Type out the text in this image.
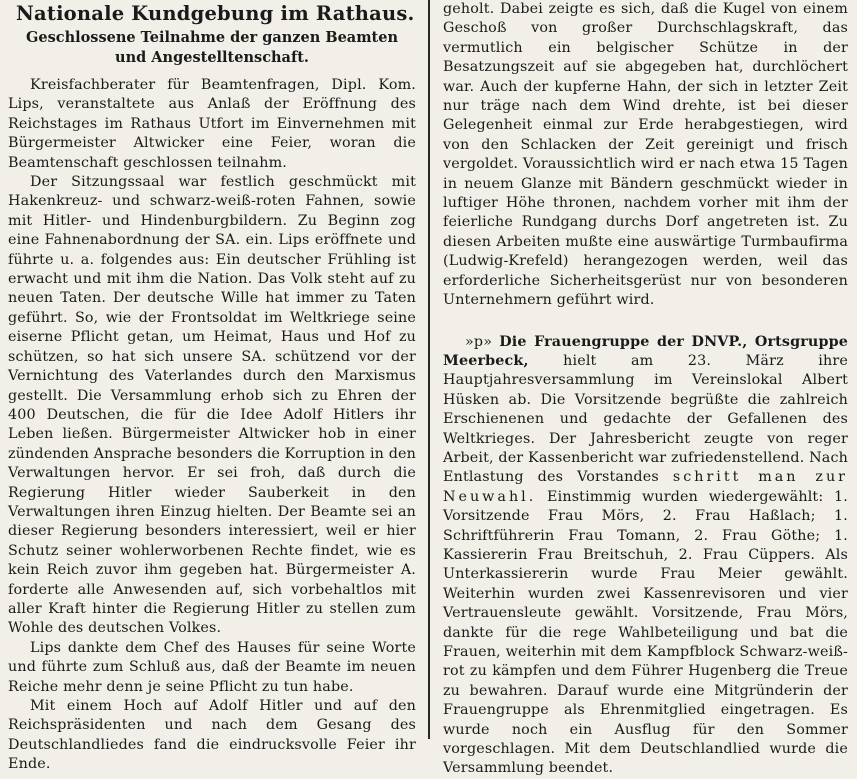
Nationale Kundgebung im Rathaus.
Geschlossene Teilnahme der ganzen Beamten und Angestelltenschaft.

Kreisfachberater für Beamtenfragen, Dipl. Kom. Lips, veranstaltete aus Anlaß der Eröffnung des Reichstages im Rathaus Utfort im Einvernehmen mit Bürgermeister Altwicker eine Feier, woran die Beamtenschaft geschlossen teilnahm.

Der Sitzungssaal war festlich geschmückt mit Hakenkreuz- und schwarz-weiß-roten Fahnen, sowie mit Hitler- und Hindenburgbildern. Zu Beginn zog eine Fahnenabordnung der SA. ein. Lips eröffnete und führte u. a. folgendes aus: Ein deutscher Frühling ist erwacht und mit ihm die Nation. Das Volk steht auf zu neuen Taten. Der deutsche Wille hat immer zu Taten geführt. So, wie der Frontsoldat im Weltkriege seine eiserne Pflicht getan, um Heimat, Haus und Hof zu schützen, so hat sich unsere SA. schützend vor der Vernichtung des Vaterlandes durch den Marxismus gestellt. Die Versammlung erhob sich zu Ehren der 400 Deutschen, die für die Idee Adolf Hitlers ihr Leben ließen. Bürgermeister Altwicker hob in einer zündenden Ansprache besonders die Korruption in den Verwaltungen hervor. Er sei froh, daß durch die Regierung Hitler wieder Sauberkeit in den Verwaltungen ihren Einzug hielten. Der Beamte sei an dieser Regierung besonders interessiert, weil er hier Schutz seiner wohlerworbenen Rechte findet, wie es kein Reich zuvor ihm gegeben hat. Bürgermeister A. forderte alle Anwesenden auf, sich vorbehaltlos mit aller Kraft hinter die Regierung Hitler zu stellen zum Wohle des deutschen Volkes.

Lips dankte dem Chef des Hauses für seine Worte und führte zum Schluß aus, daß der Beamte im neuen Reiche mehr denn je seine Pflicht zu tun habe.

Mit einem Hoch auf Adolf Hitler und auf den Reichspräsidenten und nach dem Gesang des Deutschlandliedes fand die eindrucksvolle Feier ihr Ende.

geholt. Dabei zeigte es sich, daß die Kugel von einem Geschoß von großer Durchschlagskraft, das vermutlich ein belgischer Schütze in der Besatzungszeit auf sie abgegeben hat, durchlöchert war. Auch der kupferne Hahn, der sich in letzter Zeit nur träge nach dem Wind drehte, ist bei dieser Gelegenheit einmal zur Erde herabgestiegen, wird von den Schlacken der Zeit gereinigt und frisch vergoldet. Voraussichtlich wird er nach etwa 15 Tagen in neuem Glanze mit Bändern geschmückt wieder in luftiger Höhe thronen, nachdem vorher mit ihm der feierliche Rundgang durchs Dorf angetreten ist. Zu diesen Arbeiten mußte eine auswärtige Turmbaufirma (Ludwig-Krefeld) herangezogen werden, weil das erforderliche Sicherheitsgerüst nur von besonderen Unternehmern geführt wird.

»p» Die Frauengruppe der DNVP., Ortsgruppe Meerbeck, hielt am 23. März ihre Hauptjahresversammlung im Vereinslokal Albert Hüsken ab. Die Vorsitzende begrüßte die zahlreich Erschienenen und gedachte der Gefallenen des Weltkrieges. Der Jahresbericht zeugte von reger Arbeit, der Kassenbericht war zufriedenstellend. Nach Entlastung des Vorstandes schritt man zur Neuwahl. Einstimmig wurden wiedergewählt: 1. Vorsitzende Frau Mörs, 2. Frau Haßlach; 1. Schriftführerin Frau Tomann, 2. Frau Göthe; 1. Kassiererin Frau Breitschuh, 2. Frau Cüppers. Als Unterkassiererin wurde Frau Meier gewählt. Weiterhin wurden zwei Kassenrevisoren und vier Vertrauensleute gewählt. Vorsitzende, Frau Mörs, dankte für die rege Wahlbeteiligung und bat die Frauen, weiterhin mit dem Kampfblock Schwarz-weiß-rot zu kämpfen und dem Führer Hugenberg die Treue zu bewahren. Darauf wurde eine Mitgründerin der Frauengruppe als Ehrenmitglied eingetragen. Es wurde noch ein Ausflug für den Sommer vorgeschlagen. Mit dem Deutschlandlied wurde die Versammlung beendet.
